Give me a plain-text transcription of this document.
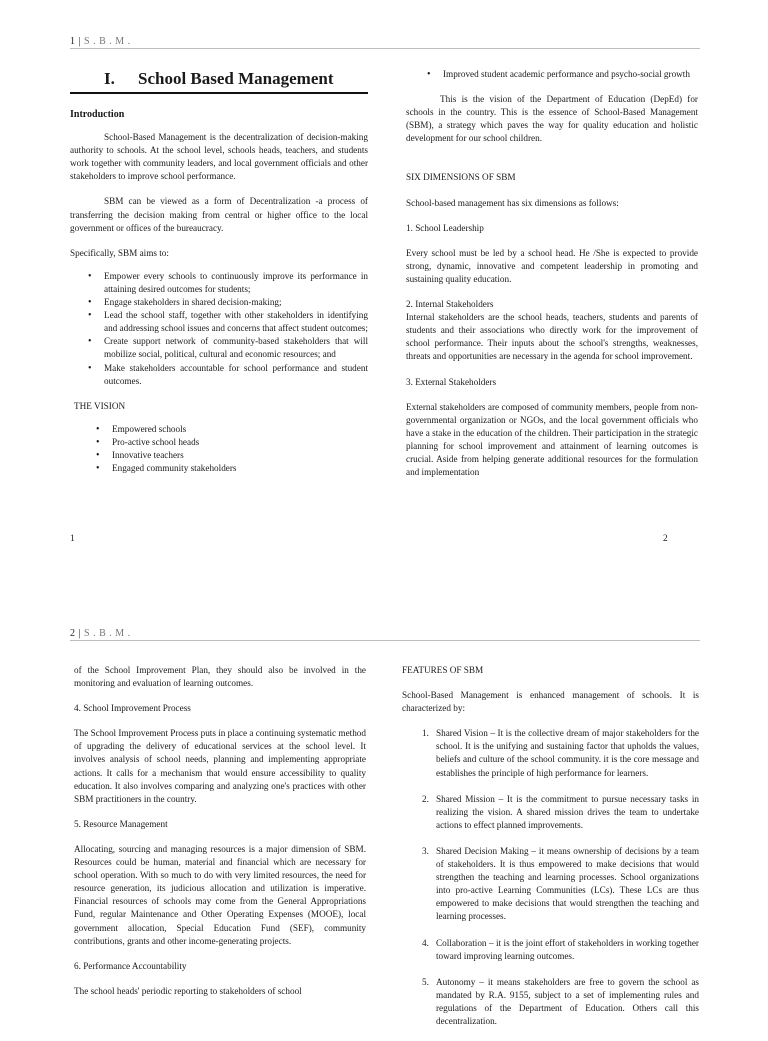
1 | S . B . M .
I. School Based Management

Introduction

School-Based Management is the decentralization of decision-making authority to schools. At the school level, schools heads, teachers, and students work together with community leaders, and local government officials and other stakeholders to improve school performance.

SBM can be viewed as a form of Decentralization -a process of transferring the decision making from central or higher office to the local government or offices of the bureaucracy.

Specifically, SBM aims to:

• Empower every schools to continuously improve its performance in attaining desired outcomes for students;
• Engage stakeholders in shared decision-making;
• Lead the school staff, together with other stakeholders in identifying and addressing school issues and concerns that affect student outcomes;
• Create support network of community-based stakeholders that will mobilize social, political, cultural and economic resources; and
• Make stakeholders accountable for school performance and student outcomes.

THE VISION

• Empowered schools
• Pro-active school heads
• Innovative teachers
• Engaged community stakeholders
• Improved student academic performance and psycho-social growth

This is the vision of the Department of Education (DepEd) for schools in the country. This is the essence of School-Based Management (SBM), a strategy which paves the way for quality education and holistic development for our school children.

SIX DIMENSIONS OF SBM

School-based management has six dimensions as follows:

1. School Leadership

Every school must be led by a school head. He /She is expected to provide strong, dynamic, innovative and competent leadership in promoting and sustaining quality education.

2. Internal Stakeholders

Internal stakeholders are the school heads, teachers, students and parents of students and their associations who directly work for the improvement of school performance. Their inputs about the school's strengths, weaknesses, threats and opportunities are necessary in the agenda for school improvement.

3. External Stakeholders

External stakeholders are composed of community members, people from non-governmental organization or NGOs, and the local government officials who have a stake in the education of the children. Their participation in the strategic planning for school improvement and attainment of learning outcomes is crucial. Aside from helping generate additional resources for the formulation and implementation

1	2
2 | S . B . M .

of the School Improvement Plan, they should also be involved in the monitoring and evaluation of learning outcomes.

4. School Improvement Process

The School Improvement Process puts in place a continuing systematic method of upgrading the delivery of educational services at the school level. It involves analysis of school needs, planning and implementing appropriate actions. It calls for a mechanism that would ensure accessibility to quality education. It also involves comparing and analyzing one's practices with other SBM practitioners in the country.

5. Resource Management

Allocating, sourcing and managing resources is a major dimension of SBM. Resources could be human, material and financial which are necessary for school operation. With so much to do with very limited resources, the need for resource generation, its judicious allocation and utilization is imperative. Financial resources of schools may come from the General Appropriations Fund, regular Maintenance and Other Operating Expenses (MOOE), local government allocation, Special Education Fund (SEF), community contributions, grants and other income-generating projects.

6. Performance Accountability

The school heads' periodic reporting to stakeholders of school

FEATURES OF SBM

School-Based Management is enhanced management of schools. It is characterized by:

1. Shared Vision – It is the collective dream of major stakeholders for the school. It is the unifying and sustaining factor that upholds the values, beliefs and culture of the school community. it is the core message and establishes the principle of high performance for learners.
2. Shared Mission – It is the commitment to pursue necessary tasks in realizing the vision. A shared mission drives the team to undertake actions to effect planned improvements.
3. Shared Decision Making – it means ownership of decisions by a team of stakeholders. It is thus empowered to make decisions that would strengthen the teaching and learning processes. School organizations into pro-active Learning Communities (LCs). These LCs are thus empowered to make decisions that would strengthen the teaching and learning processes.
4. Collaboration – it is the joint effort of stakeholders in working together toward improving learning outcomes.
5. Autonomy – it means stakeholders are free to govern the school as mandated by R.A. 9155, subject to a set of implementing rules and regulations of the Department of Education. Others call this decentralization.
